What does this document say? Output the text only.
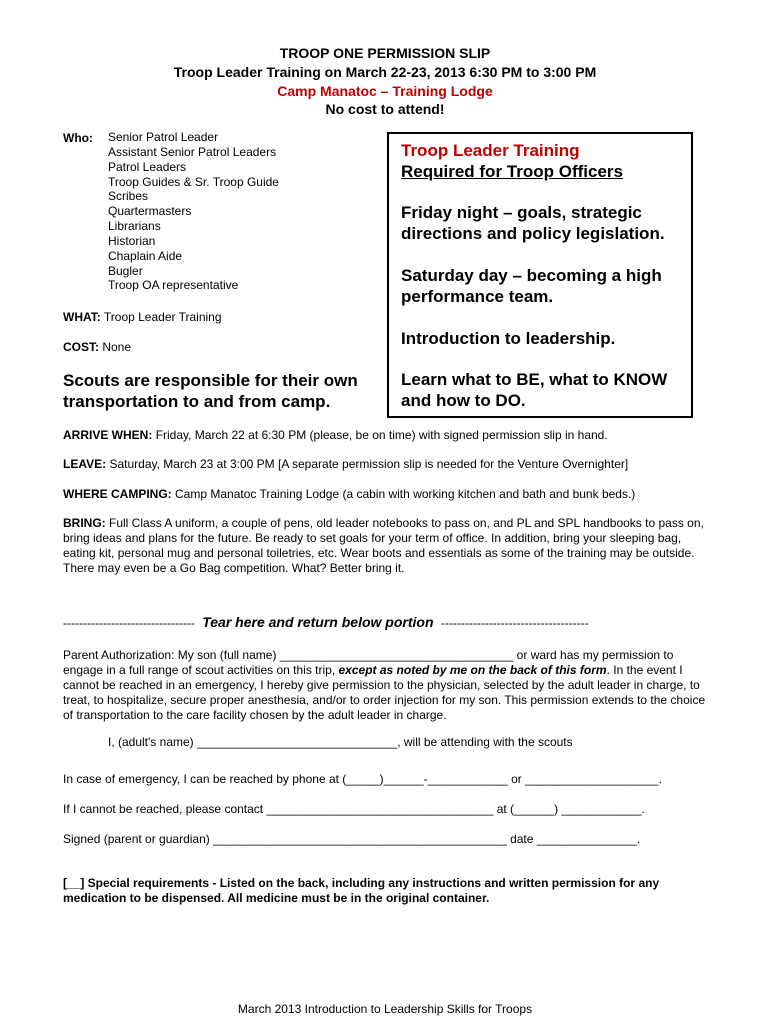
TROOP ONE PERMISSION SLIP
Troop Leader Training on March 22-23, 2013 6:30 PM to 3:00 PM
Camp Manatoc – Training Lodge
No cost to attend!
Who: Senior Patrol Leader
Assistant Senior Patrol Leaders
Patrol Leaders
Troop Guides & Sr. Troop Guide
Scribes
Quartermasters
Librarians
Historian
Chaplain Aide
Bugler
Troop OA representative
WHAT: Troop Leader Training
COST: None
Scouts are responsible for their own transportation to and from camp.
Troop Leader Training
Required for Troop Officers
Friday night – goals, strategic directions and policy legislation.
Saturday day – becoming a high performance team.
Introduction to leadership.
Learn what to BE, what to KNOW and how to DO.
ARRIVE WHEN: Friday, March 22 at 6:30 PM (please, be on time) with signed permission slip in hand.
LEAVE: Saturday, March 23 at 3:00 PM [A separate permission slip is needed for the Venture Overnighter]
WHERE CAMPING: Camp Manatoc Training Lodge (a cabin with working kitchen and bath and bunk beds.)
BRING: Full Class A uniform, a couple of pens, old leader notebooks to pass on, and PL and SPL handbooks to pass on, bring ideas and plans for the future. Be ready to set goals for your term of office. In addition, bring your sleeping bag, eating kit, personal mug and personal toiletries, etc. Wear boots and essentials as some of the training may be outside. There may even be a Go Bag competition. What? Better bring it.
--------------------------------- Tear here and return below portion -------------------------------------
Parent Authorization: My son (full name) ___________________________________ or ward has my permission to engage in a full range of scout activities on this trip, except as noted by me on the back of this form. In the event I cannot be reached in an emergency, I hereby give permission to the physician, selected by the adult leader in charge, to treat, to hospitalize, secure proper anesthesia, and/or to order injection for my son. This permission extends to the choice of transportation to the care facility chosen by the adult leader in charge.
I, (adult's name) ______________________________, will be attending with the scouts
In case of emergency, I can be reached by phone at (_____)______-____________ or ____________________.
If I cannot be reached, please contact __________________________________ at (______) ____________.
Signed (parent or guardian) ____________________________________________ date _______________.
[__] Special requirements - Listed on the back, including any instructions and written permission for any medication to be dispensed. All medicine must be in the original container.
March 2013 Introduction to Leadership Skills for Troops
